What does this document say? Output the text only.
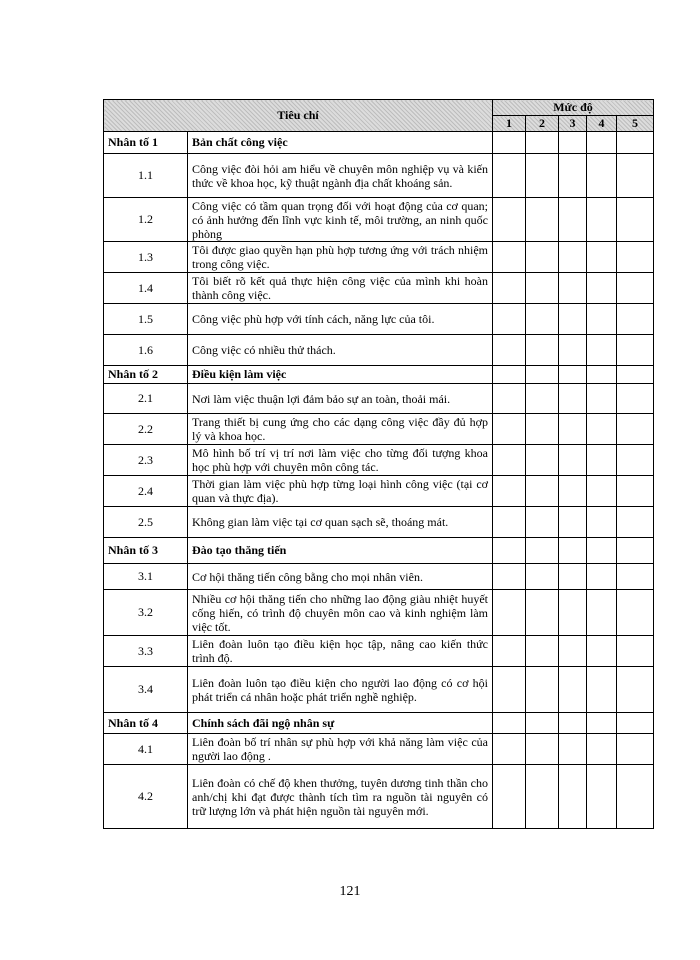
Tiêu chí		Mức độ				
		1	2	3	4	5
Nhân tố 1	Bản chất công việc					
1.1	Công việc đòi hỏi am hiểu về chuyên môn nghiệp vụ và kiến thức về khoa học, kỹ thuật ngành địa chất khoáng sản.					
1.2	Công việc có tầm quan trọng đối với hoạt động của cơ quan; có ảnh hưởng đến lĩnh vực kinh tế, môi trường, an ninh quốc phòng					
1.3	Tôi được giao quyền hạn phù hợp tương ứng với trách nhiệm trong công việc.					
1.4	Tôi biết rõ kết quả thực hiện công việc của mình khi hoàn thành công việc.					
1.5	Công việc phù hợp với tính cách, năng lực của tôi.					
1.6	Công việc có nhiều thử thách.					
Nhân tố 2	Điều kiện làm việc					
2.1	Nơi làm việc thuận lợi đảm bảo sự an toàn, thoải mái.					
2.2	Trang thiết bị cung ứng cho các dạng công việc đầy đủ hợp lý và khoa học.					
2.3	Mô hình bố trí vị trí nơi làm việc cho từng đối tượng khoa học phù hợp với chuyên môn công tác.					
2.4	Thời gian làm việc phù hợp từng loại hình công việc (tại cơ quan và thực địa).					
2.5	Không gian làm việc tại cơ quan sạch sẽ, thoáng mát.					
Nhân tố 3	Đào tạo thăng tiến					
3.1	Cơ hội thăng tiến công bằng cho mọi nhân viên.					
3.2	Nhiều cơ hội thăng tiến cho những lao động giàu nhiệt huyết cống hiến, có trình độ chuyên môn cao và kinh nghiệm làm việc tốt.					
3.3	Liên đoàn luôn tạo điều kiện học tập, nâng cao kiến thức trình độ.					
3.4	Liên đoàn luôn tạo điều kiện cho người lao động có cơ hội phát triển cá nhân hoặc phát triển nghề nghiệp.					
Nhân tố 4	Chính sách đãi ngộ nhân sự					
4.1	Liên đoàn bố trí nhân sự phù hợp với khả năng làm việc của người lao động .					
4.2	Liên đoàn có chế độ khen thưởng, tuyên dương tinh thần cho anh/chị khi đạt được thành tích tìm ra nguồn tài nguyên có trữ lượng lớn và phát hiện nguồn tài nguyên mới.					
121
